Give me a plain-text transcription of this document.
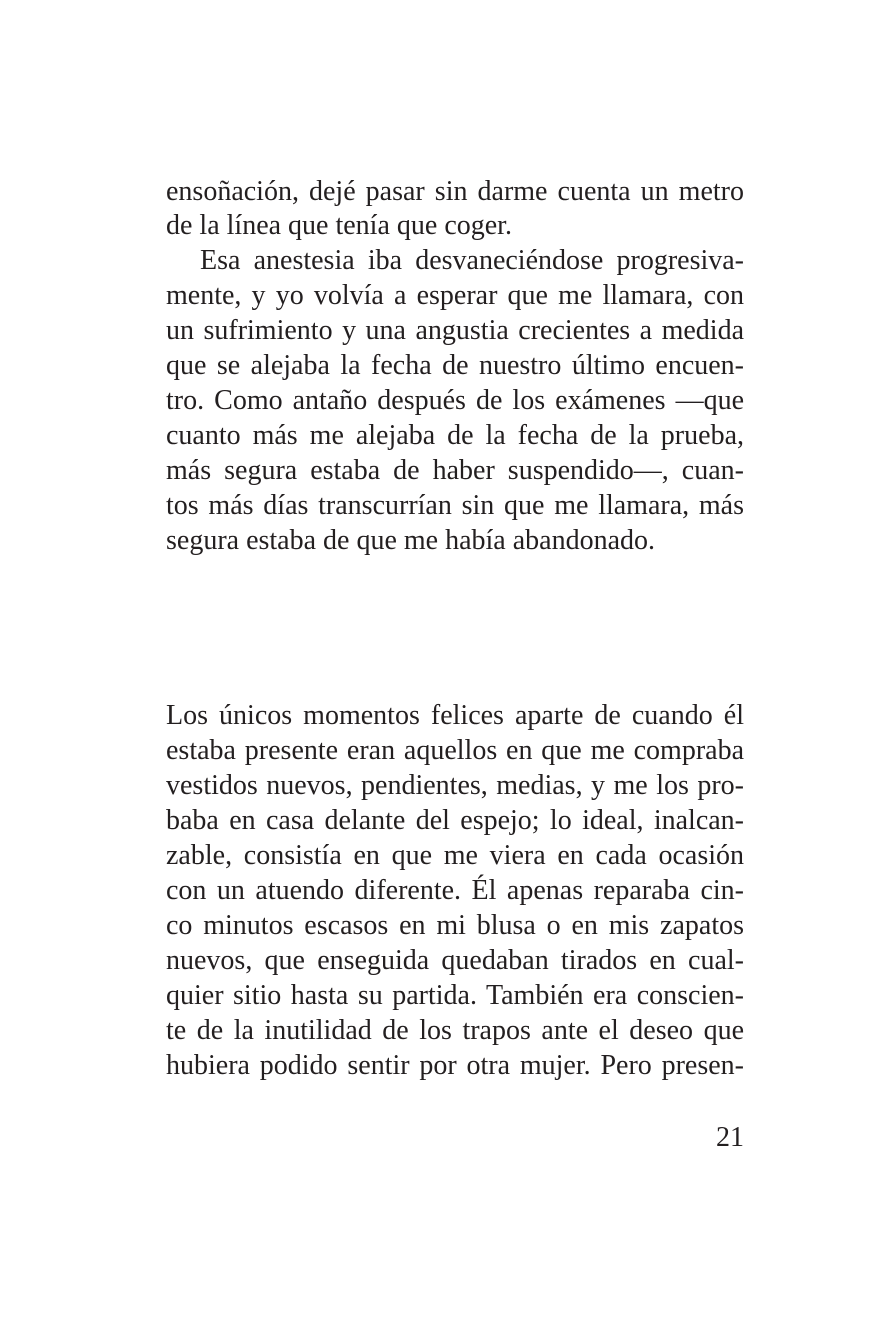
ensoñación, dejé pasar sin darme cuenta un metro
de la línea que tenía que coger.
Esa anestesia iba desvaneciéndose progresiva-
mente, y yo volvía a esperar que me llamara, con
un sufrimiento y una angustia crecientes a medida
que se alejaba la fecha de nuestro último encuen-
tro. Como antaño después de los exámenes —que
cuanto más me alejaba de la fecha de la prueba,
más segura estaba de haber suspendido—, cuan-
tos más días transcurrían sin que me llamara, más
segura estaba de que me había abandonado.
Los únicos momentos felices aparte de cuando él
estaba presente eran aquellos en que me compraba
vestidos nuevos, pendientes, medias, y me los pro-
baba en casa delante del espejo; lo ideal, inalcan-
zable, consistía en que me viera en cada ocasión
con un atuendo diferente. Él apenas reparaba cin-
co minutos escasos en mi blusa o en mis zapatos
nuevos, que enseguida quedaban tirados en cual-
quier sitio hasta su partida. También era conscien-
te de la inutilidad de los trapos ante el deseo que
hubiera podido sentir por otra mujer. Pero presen-
21
